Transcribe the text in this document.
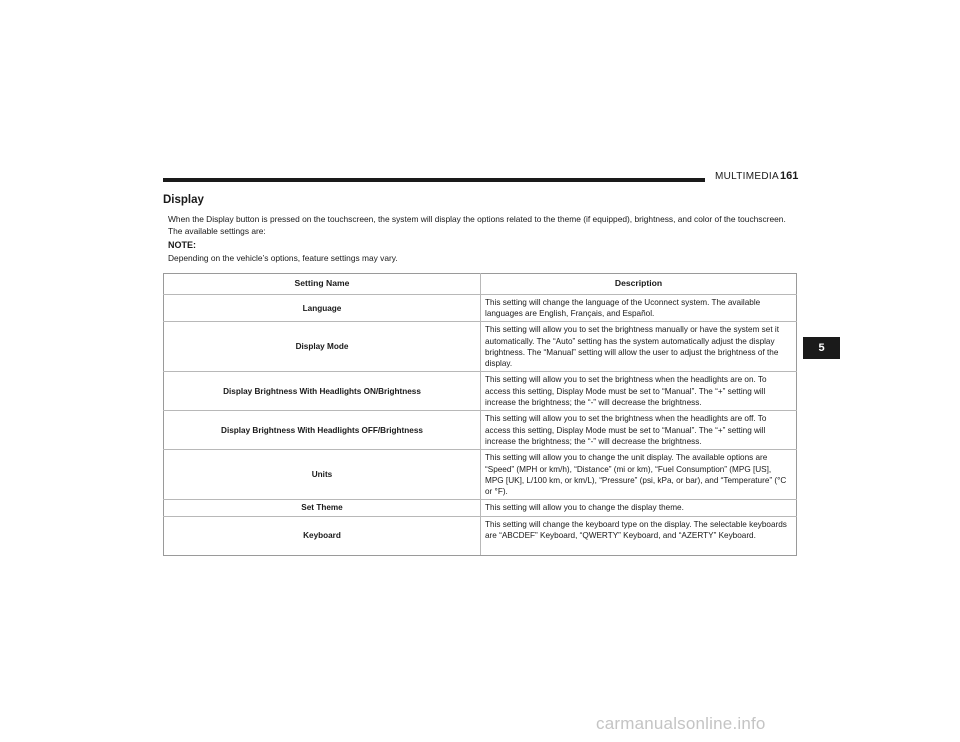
MULTIMEDIA 161
Display
When the Display button is pressed on the touchscreen, the system will display the options related to the theme (if equipped), brightness, and color of the touchscreen. The available settings are:
NOTE:
Depending on the vehicle’s options, feature settings may vary.
Setting Name	Description
Language	This setting will change the language of the Uconnect system. The available languages are English, Français, and Español.
Display Mode	This setting will allow you to set the brightness manually or have the system set it automatically. The “Auto” setting has the system automatically adjust the display brightness. The “Manual” setting will allow the user to adjust the brightness of the display.
Display Brightness With Headlights ON/Brightness	This setting will allow you to set the brightness when the headlights are on. To access this setting, Display Mode must be set to “Manual”. The “+” setting will increase the brightness; the “-” will decrease the brightness.
Display Brightness With Headlights OFF/Brightness	This setting will allow you to set the brightness when the headlights are off. To access this setting, Display Mode must be set to “Manual”. The “+” setting will increase the brightness; the “-” will decrease the brightness.
Units	This setting will allow you to change the unit display. The available options are “Speed” (MPH or km/h), “Distance” (mi or km), “Fuel Consumption” (MPG [US], MPG [UK], L/100 km, or km/L), “Pressure” (psi, kPa, or bar), and “Temperature” (°C or °F).
Set Theme	This setting will allow you to change the display theme.
Keyboard	This setting will change the keyboard type on the display. The selectable keyboards are “ABCDEF” Keyboard, “QWERTY” Keyboard, and “AZERTY” Keyboard.
5
carmanualsonline.info
